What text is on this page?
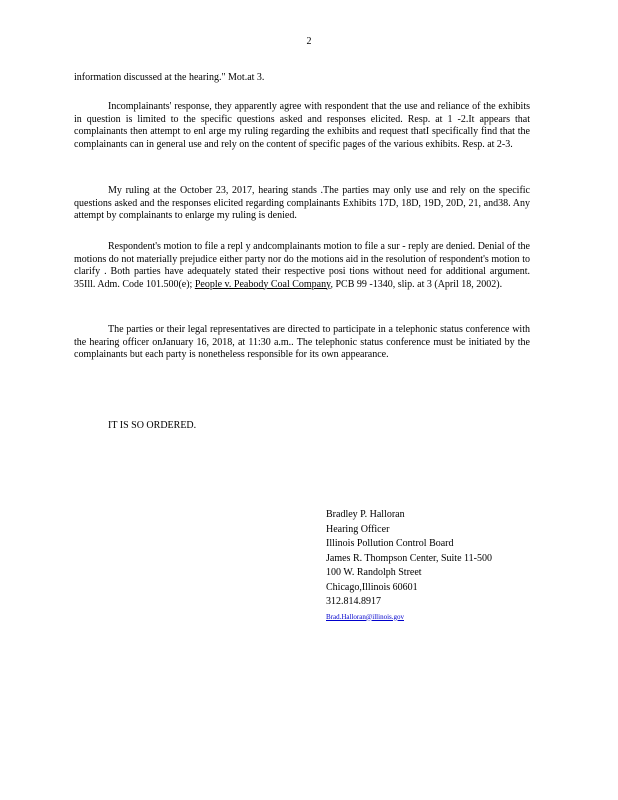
2
information discussed at the hearing." Mot.at 3.
Incomplainants' response, they apparently agree with respondent that the use and reliance of the exhibits in question is limited to the specific questions asked and responses elicited. Resp. at 1 -2.It appears that complainants then attempt to enl arge my ruling regarding the exhibits and request thatI specifically find that the complainants can in general use and rely on the content of specific pages of the various exhibits. Resp. at 2-3.
My ruling at the October 23, 2017, hearing stands .The parties may only use and rely on the specific questions asked and the responses elicited regarding complainants Exhibits 17D, 18D, 19D, 20D, 21, and38. Any attempt by complainants to enlarge my ruling is denied.
Respondent's motion to file a repl y andcomplainants motion to file a sur - reply are denied. Denial of the motions do not materially prejudice either party nor do the motions aid in the resolution of respondent's motion to clarify . Both parties have adequately stated their respective posi tions without need for additional argument. 35Ill. Adm. Code 101.500(e); People v. Peabody Coal Company, PCB 99 -1340, slip. at 3 (April 18, 2002).
The parties or their legal representatives are directed to participate in a telephonic status conference with the hearing officer onJanuary 16, 2018, at 11:30 a.m.. The telephonic status conference must be initiated by the complainants but each party is nonetheless responsible for its own appearance.
IT IS SO ORDERED.
Bradley P. Halloran
Hearing Officer
Illinois Pollution Control Board
James R. Thompson Center, Suite 11-500
100 W. Randolph Street
Chicago,Illinois 60601
312.814.8917
Brad.Halloran@illinois.gov
